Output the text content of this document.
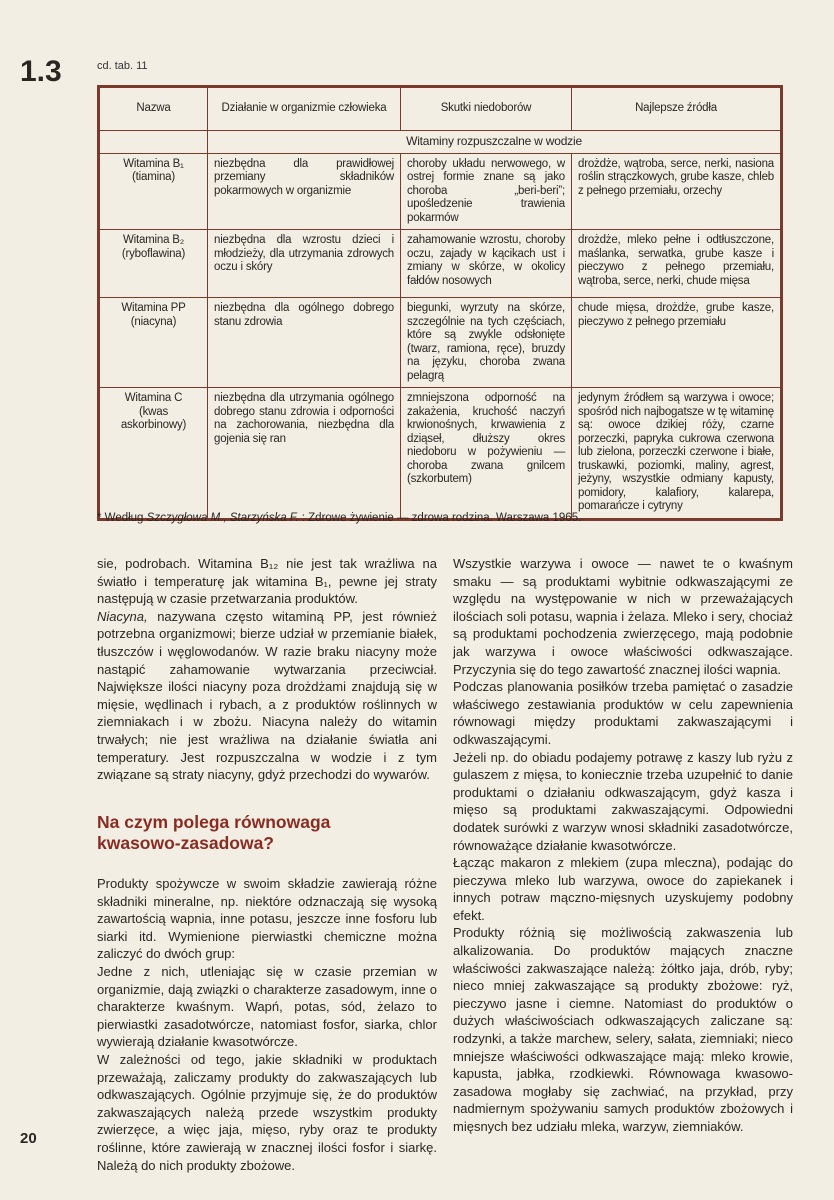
1.3	cd. tab. 11
Nazwa	Działanie w organizmie człowieka	Skutki niedoborów	Najlepsze źródła
	Witaminy rozpuszczalne w wodzie		

Witamina B₁
(tiamina)	niezbędna dla prawidłowej przemiany składników pokarmowych w organizmie	choroby układu nerwowego, w ostrej formie znane są jako choroba „beri-beri”; upośledzenie trawienia pokarmów	drożdże, wątroba, serce, nerki, nasiona roślin strączkowych, grube kasze, chleb z pełnego przemiału, orzechy

Witamina B₂
(ryboflawina)	niezbędna dla wzrostu dzieci i młodzieży, dla utrzymania zdrowych oczu i skóry	zahamowanie wzrostu, choroby oczu, zajady w kącikach ust i zmiany w skórze, w okolicy fałdów nosowych	drożdże, mleko pełne i odtłuszczone, maślanka, serwatka, grube kasze i pieczywo z pełnego przemiału, wątroba, serce, nerki, chude mięsa

Witamina PP
(niacyna)	niezbędna dla ogólnego dobrego stanu zdrowia	biegunki, wyrzuty na skórze, szczególnie na tych częściach, które są zwykle odsłonięte (twarz, ramiona, ręce), bruzdy na języku, choroba zwana pelagrą	chude mięsa, drożdże, grube kasze, pieczywo z pełnego przemiału

Witamina C
(kwas askorbinowy)	niezbędna dla utrzymania ogólnego dobrego stanu zdrowia i odporności na zachorowania, niezbędna dla gojenia się ran	zmniejszona odporność na zakażenia, kruchość naczyń krwionośnych, krwawienia z dziąseł, dłuższy okres niedoboru w pożywieniu — choroba zwana gnilcem (szkorbutem)	jedynym źródłem są warzywa i owoce; spośród nich najbogatsze w tę witaminę są: owoce dzikiej róży, czarne porzeczki, papryka cukrowa czerwona lub zielona, porzeczki czerwone i białe, truskawki, poziomki, maliny, agrest, jeżyny, wszystkie odmiany kapusty, pomidory, kalafiory, kalarepa, pomarańcze i cytryny
* Według Szczygłowa M., Starzyńska F. : Zdrowe żywienie — zdrowa rodzina. Warszawa 1965.

sie, podrobach. Witamina B₁₂ nie jest tak wrażliwa na światło i temperaturę jak witamina B₁, pewne jej straty następują w czasie przetwarzania produktów.

Niacyna, nazywana często witaminą PP, jest również potrzebna organizmowi; bierze udział w przemianie białek, tłuszczów i węglowodanów. W razie braku niacyny może nastąpić zahamowanie wytwarzania przeciwciał. Największe ilości niacyny poza drożdżami znajdują się w mięsie, wędlinach i rybach, a z produktów roślinnych w ziemniakach i w zbożu. Niacyna należy do witamin trwałych; nie jest wrażliwa na działanie światła ani temperatury. Jest rozpuszczalna w wodzie i z tym związane są straty niacyny, gdyż przechodzi do wywarów.

Na czym polega równowaga kwasowo-zasadowa?

Produkty spożywcze w swoim składzie zawierają różne składniki mineralne, np. niektóre odznaczają się wysoką zawartością wapnia, inne potasu, jeszcze inne fosforu lub siarki itd. Wymienione pierwiastki chemiczne można zaliczyć do dwóch grup:

Jedne z nich, utleniając się w czasie przemian w organizmie, dają związki o charakterze zasadowym, inne o charakterze kwaśnym. Wapń, potas, sód, żelazo to pierwiastki zasadotwórcze, natomiast fosfor, siarka, chlor wywierają działanie kwasotwórcze.

W zależności od tego, jakie składniki w produktach przeważają, zaliczamy produkty do zakwaszających lub odkwaszających. Ogólnie przyjmuje się, że do produktów zakwaszających należą przede wszystkim produkty zwierzęce, a więc jaja, mięso, ryby oraz te produkty roślinne, które zawierają w znacznej ilości fosfor i siarkę. Należą do nich produkty zbożowe.

Wszystkie warzywa i owoce — nawet te o kwaśnym smaku — są produktami wybitnie odkwaszającymi ze względu na występowanie w nich w przeważających ilościach soli potasu, wapnia i żelaza. Mleko i sery, chociaż są produktami pochodzenia zwierzęcego, mają podobnie jak warzywa i owoce właściwości odkwaszające. Przyczynia się do tego zawartość znacznej ilości wapnia.

Podczas planowania posiłków trzeba pamiętać o zasadzie właściwego zestawiania produktów w celu zapewnienia równowagi między produktami zakwaszającymi i odkwaszającymi.

Jeżeli np. do obiadu podajemy potrawę z kaszy lub ryżu z gulaszem z mięsa, to koniecznie trzeba uzupełnić to danie produktami o działaniu odkwaszającym, gdyż kasza i mięso są produktami zakwaszającymi. Odpowiedni dodatek surówki z warzyw wnosi składniki zasadotwórcze, równoważące działanie kwasotwórcze.

Łącząc makaron z mlekiem (zupa mleczna), podając do pieczywa mleko lub warzywa, owoce do zapiekanek i innych potraw mączno-mięsnych uzyskujemy podobny efekt.

Produkty różnią się możliwością zakwaszenia lub alkalizowania. Do produktów mających znaczne właściwości zakwaszające należą: żółtko jaja, drób, ryby; nieco mniej zakwaszające są produkty zbożowe: ryż, pieczywo jasne i ciemne. Natomiast do produktów o dużych właściwościach odkwaszających zaliczane są: rodzynki, a także marchew, selery, sałata, ziemniaki; nieco mniejsze właściwości odkwaszające mają: mleko krowie, kapusta, jabłka, rzodkiewki. Równowaga kwasowo-zasadowa mogłaby się zachwiać, na przykład, przy nadmiernym spożywaniu samych produktów zbożowych i mięsnych bez udziału mleka, warzyw, ziemniaków.

20
